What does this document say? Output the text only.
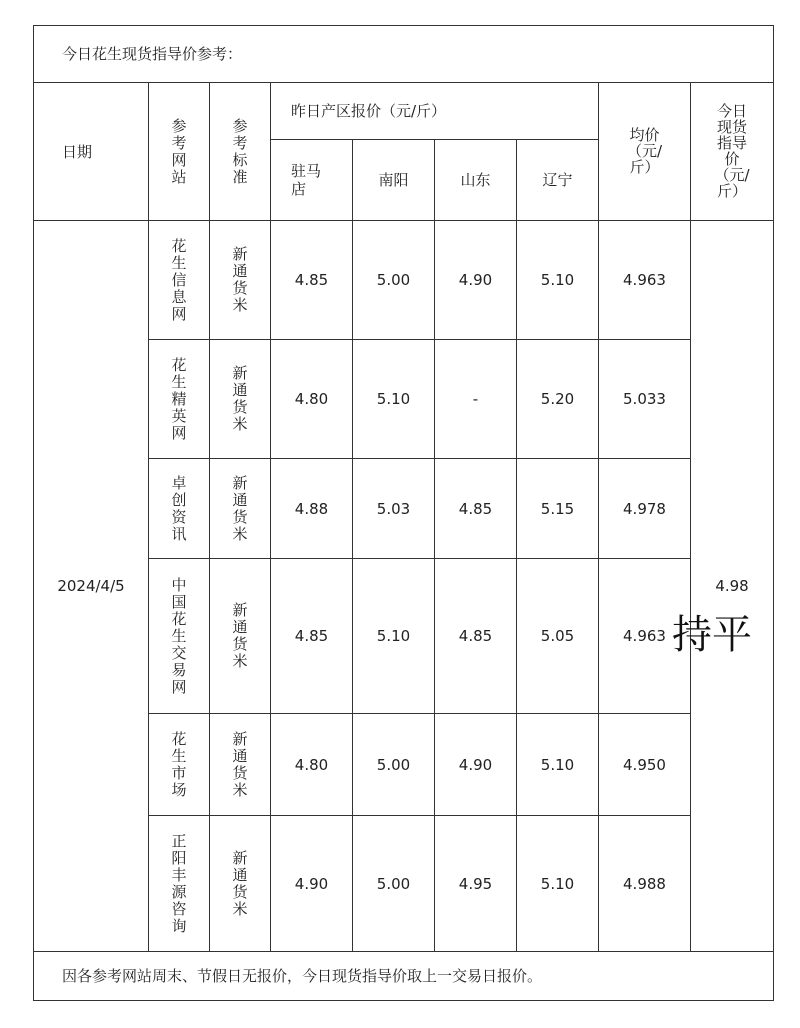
今日花生现货指导价参考：								
日期	参考网站	参考标准	昨日产区报价（元/斤）				均价（元/斤）	今日现货指导价（元/斤）
			驻马店	南阳	山东	辽宁		
2024/4/5	花生信息网	新通货米	4.85	5.00	4.90	5.10	4.963	4.98
	花生精英网	新通货米	4.80	5.10	-	5.20	5.033	
	卓创资讯	新通货米	4.88	5.03	4.85	5.15	4.978	
	中国花生交易网	新通货米	4.85	5.10	4.85	5.05	4.963	
	花生市场	新通货米	4.80	5.00	4.90	5.10	4.950	
	正阳丰源咨询	新通货米	4.90	5.00	4.95	5.10	4.988	
因各参考网站周末、节假日无报价，今日现货指导价取上一交易日报价。								
持平
